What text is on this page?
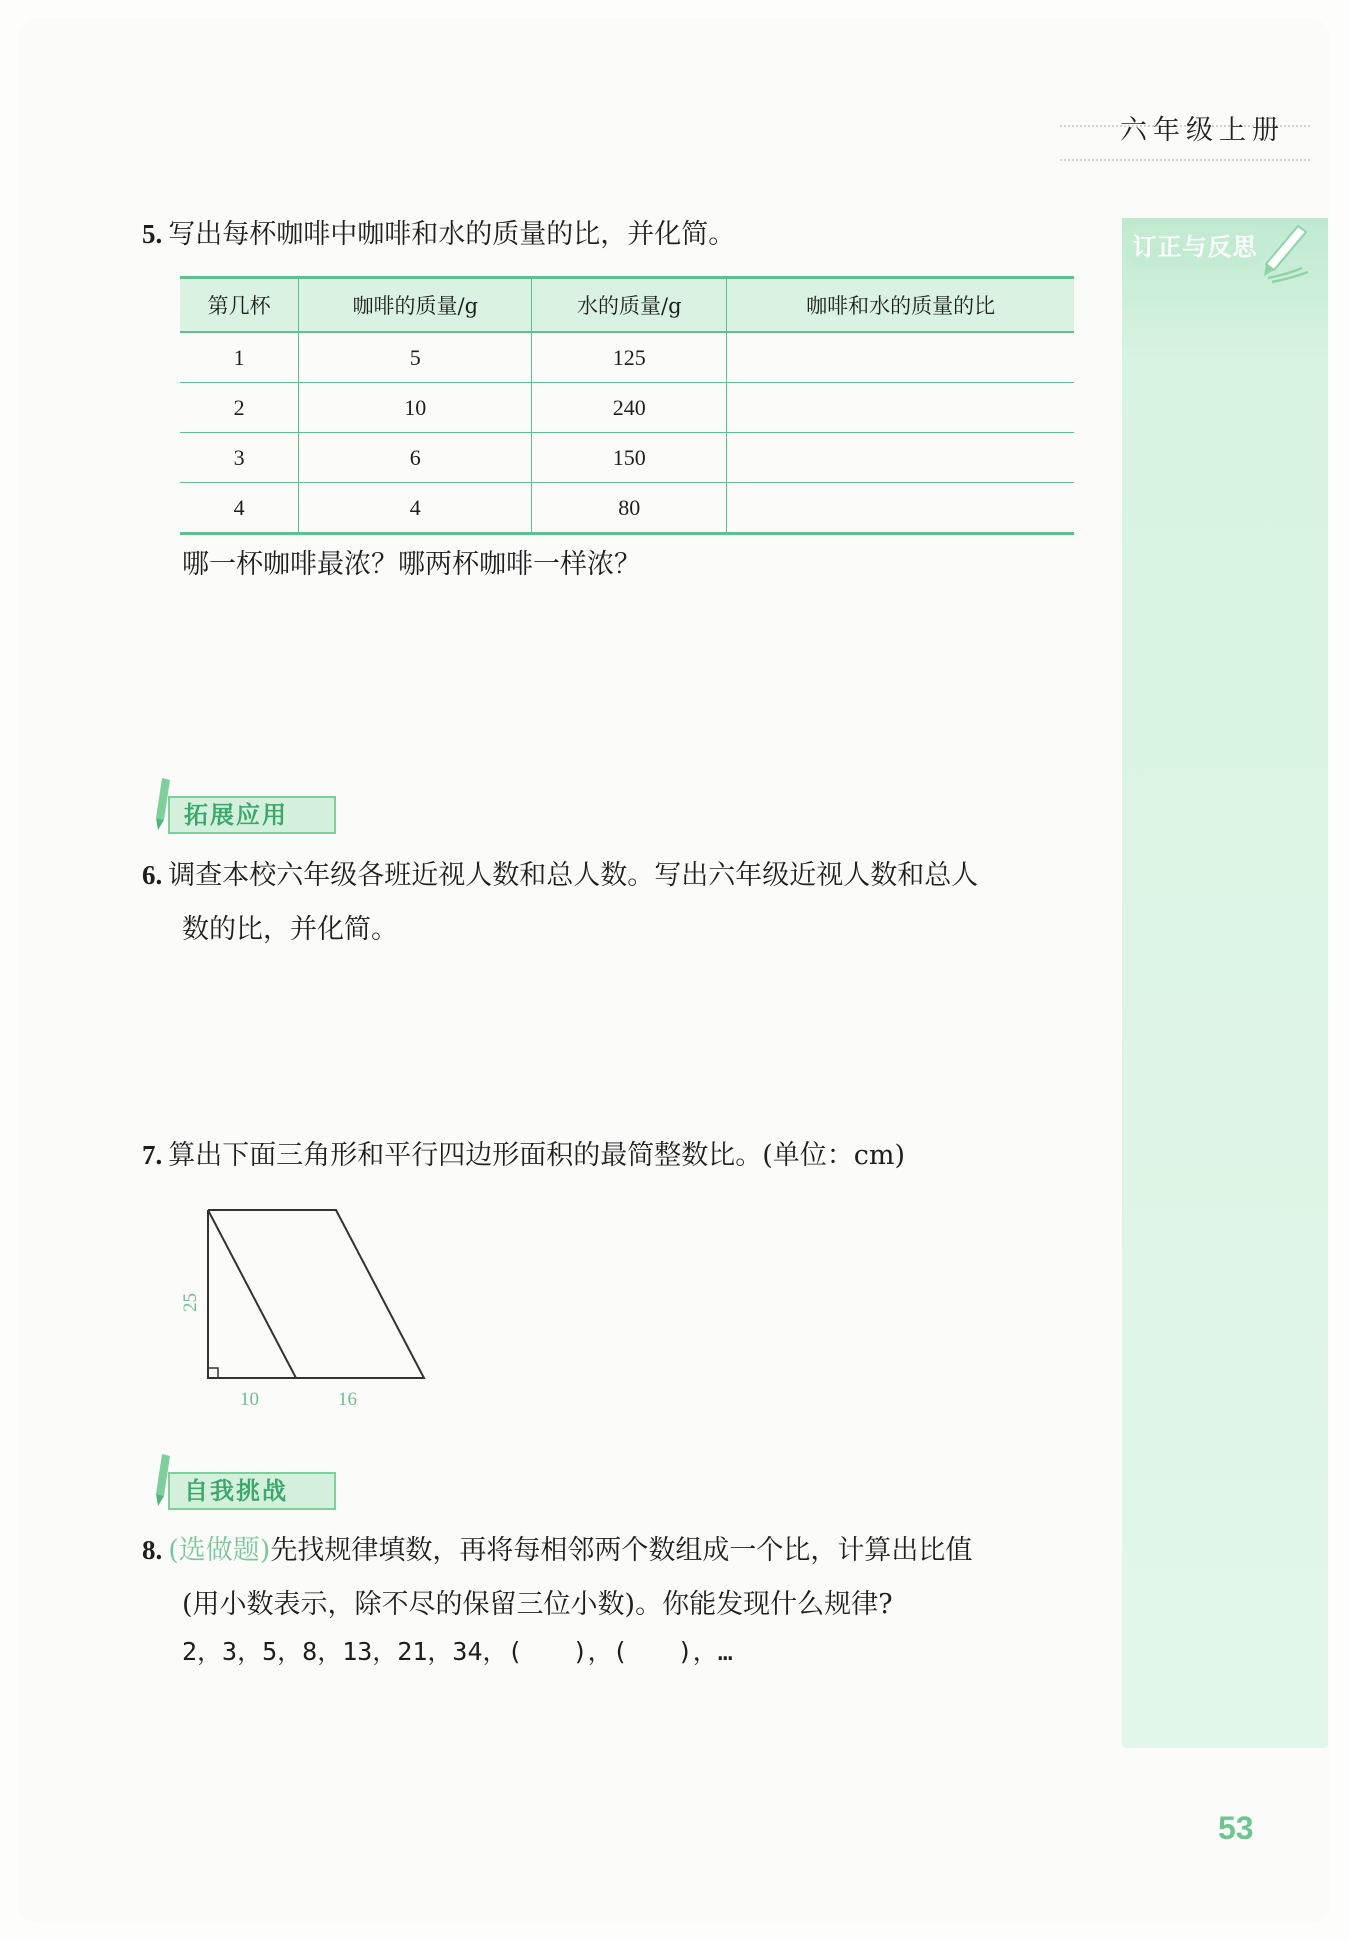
六年级上册
订正与反思
5. 写出每杯咖啡中咖啡和水的质量的比，并化简。
第几杯	咖啡的质量/g	水的质量/g	咖啡和水的质量的比
1	5	125	
2	10	240	
3	6	150	
4	4	80	
哪一杯咖啡最浓？哪两杯咖啡一样浓？
拓展应用
6. 调查本校六年级各班近视人数和总人数。写出六年级近视人数和总人
数的比，并化简。
7. 算出下面三角形和平行四边形面积的最简整数比。(单位：cm)
25
10	16
自我挑战
8. (选做题)先找规律填数，再将每相邻两个数组成一个比，计算出比值
(用小数表示，除不尽的保留三位小数)。你能发现什么规律?
2，3，5，8，13，21，34，(　　)，(　　)，…
53
